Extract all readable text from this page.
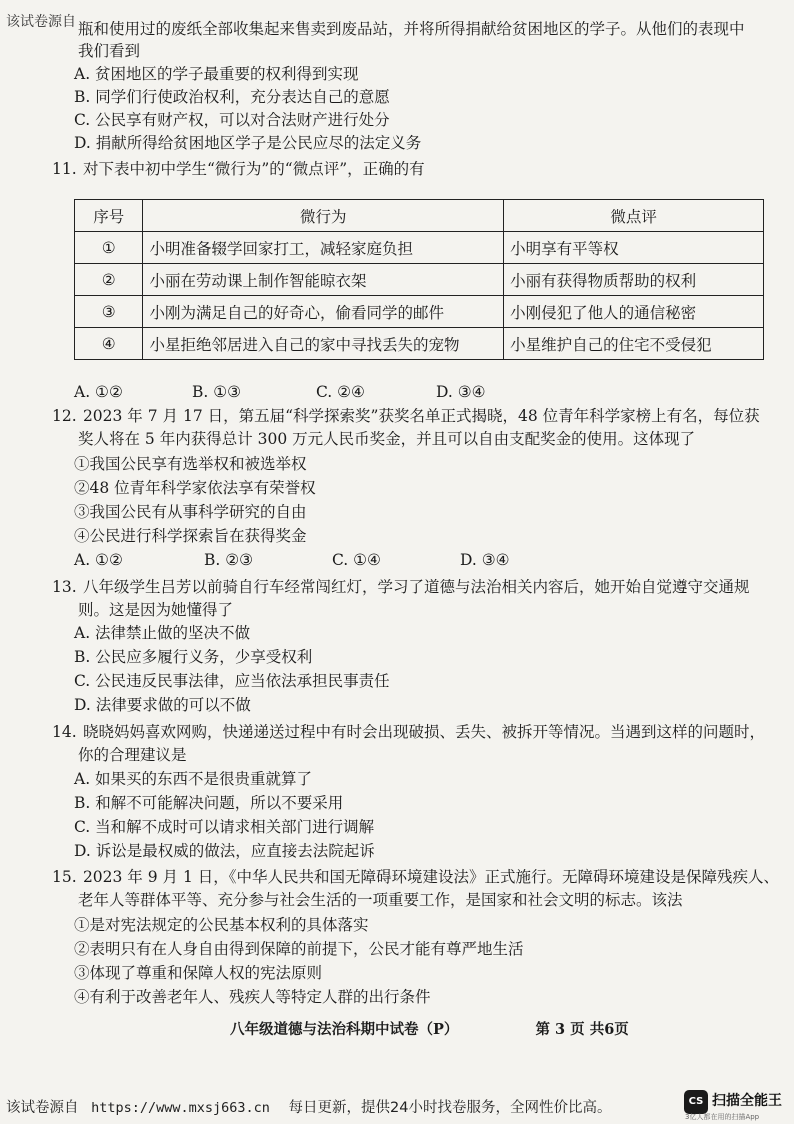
该试卷源自 瓶和使用过的废纸全部收集起来售卖到废品站，并将所得捐献给贫困地区的学子。从他们的表现中
我们看到
A. 贫困地区的学子最重要的权利得到实现
B. 同学们行使政治权利，充分表达自己的意愿
C. 公民享有财产权，可以对合法财产进行处分
D. 捐献所得给贫困地区学子是公民应尽的法定义务
11. 对下表中初中学生“微行为”的“微点评”，正确的有
序号	微行为	微点评
①	小明准备辍学回家打工，减轻家庭负担	小明享有平等权
②	小丽在劳动课上制作智能晾衣架	小丽有获得物质帮助的权利
③	小刚为满足自己的好奇心，偷看同学的邮件	小刚侵犯了他人的通信秘密
④	小星拒绝邻居进入自己的家中寻找丢失的宠物	小星维护自己的住宅不受侵犯
A. ①②	B. ①③	C. ②④	D. ③④
12. 2023 年 7 月 17 日，第五届“科学探索奖”获奖名单正式揭晓，48 位青年科学家榜上有名，每位获
奖人将在 5 年内获得总计 300 万元人民币奖金，并且可以自由支配奖金的使用。这体现了
①我国公民享有选举权和被选举权
②48 位青年科学家依法享有荣誉权
③我国公民有从事科学研究的自由
④公民进行科学探索旨在获得奖金
A. ①②	B. ②③	C. ①④	D. ③④
13. 八年级学生吕芳以前骑自行车经常闯红灯，学习了道德与法治相关内容后，她开始自觉遵守交通规
则。这是因为她懂得了
A. 法律禁止做的坚决不做
B. 公民应多履行义务，少享受权利
C. 公民违反民事法律，应当依法承担民事责任
D. 法律要求做的可以不做
14. 晓晓妈妈喜欢网购，快递递送过程中有时会出现破损、丢失、被拆开等情况。当遇到这样的问题时，
你的合理建议是
A. 如果买的东西不是很贵重就算了
B. 和解不可能解决问题，所以不要采用
C. 当和解不成时可以请求相关部门进行调解
D. 诉讼是最权威的做法，应直接去法院起诉
15. 2023 年 9 月 1 日，《中华人民共和国无障碍环境建设法》正式施行。无障碍环境建设是保障残疾人、
老年人等群体平等、充分参与社会生活的一项重要工作，是国家和社会文明的标志。该法
①是对宪法规定的公民基本权利的具体落实
②表明只有在人身自由得到保障的前提下，公民才能有尊严地生活
③体现了尊重和保障人权的宪法原则
④有利于改善老年人、残疾人等特定人群的出行条件
八年级道德与法治科期中试卷（P）	第 3 页 共6页
该试卷源自 https://www.mxsj663.cn 每日更新，提供24小时找卷服务，全网性价比高。	CS 扫描全能王
3亿人都在用的扫描App
